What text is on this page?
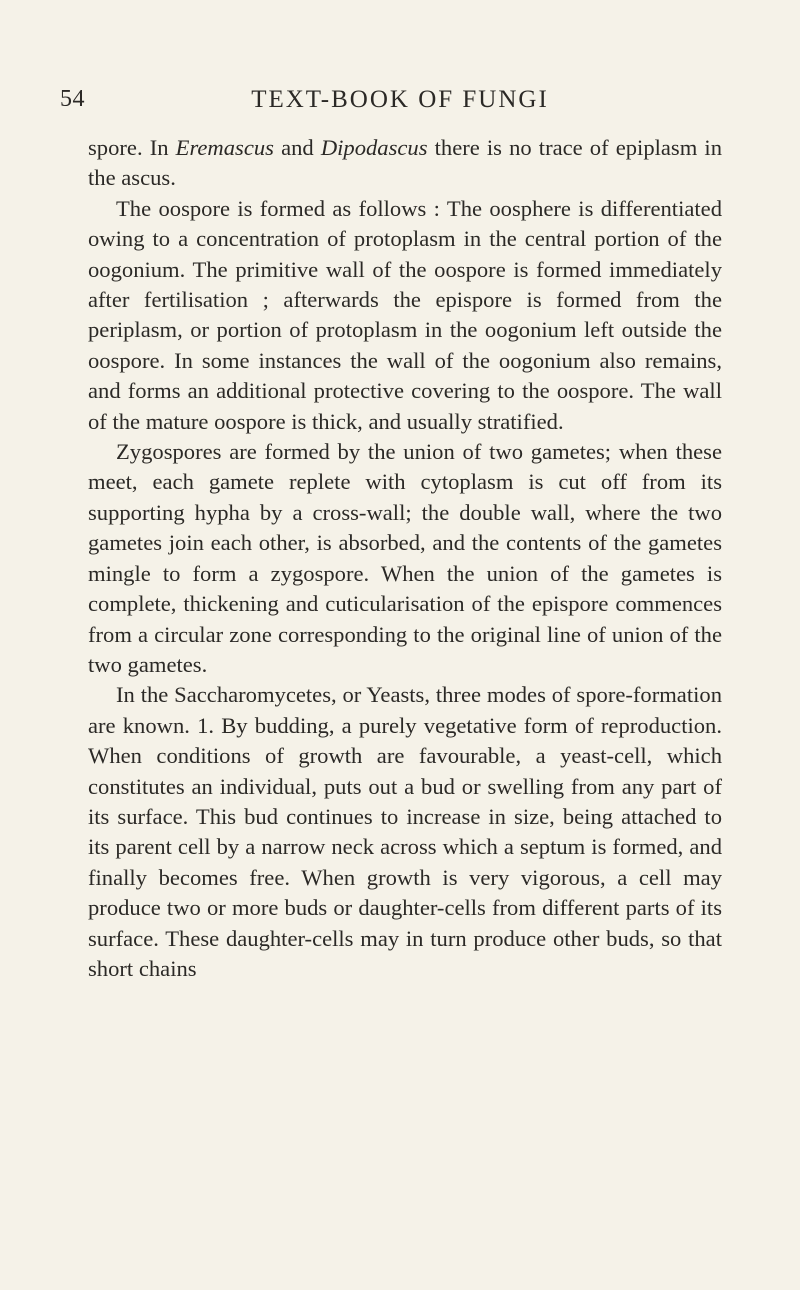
54	TEXT-BOOK OF FUNGI

spore. In Eremascus and Dipodascus there is no trace of epiplasm in the ascus.

The oospore is formed as follows : The oosphere is differentiated owing to a concentration of protoplasm in the central portion of the oogonium. The primitive wall of the oospore is formed immediately after fertilisation ; afterwards the epispore is formed from the periplasm, or portion of protoplasm in the oogonium left outside the oospore. In some instances the wall of the oogonium also remains, and forms an additional protective covering to the oospore. The wall of the mature oospore is thick, and usually stratified.

Zygospores are formed by the union of two gametes; when these meet, each gamete replete with cytoplasm is cut off from its supporting hypha by a cross-wall; the double wall, where the two gametes join each other, is absorbed, and the contents of the gametes mingle to form a zygospore. When the union of the gametes is complete, thickening and cuticularisation of the epispore commences from a circular zone corresponding to the original line of union of the two gametes.

In the Saccharomycetes, or Yeasts, three modes of spore-formation are known. 1. By budding, a purely vegetative form of reproduction. When conditions of growth are favourable, a yeast-cell, which constitutes an individual, puts out a bud or swelling from any part of its surface. This bud continues to increase in size, being attached to its parent cell by a narrow neck across which a septum is formed, and finally becomes free. When growth is very vigorous, a cell may produce two or more buds or daughter-cells from different parts of its surface. These daughter-cells may in turn produce other buds, so that short chains
